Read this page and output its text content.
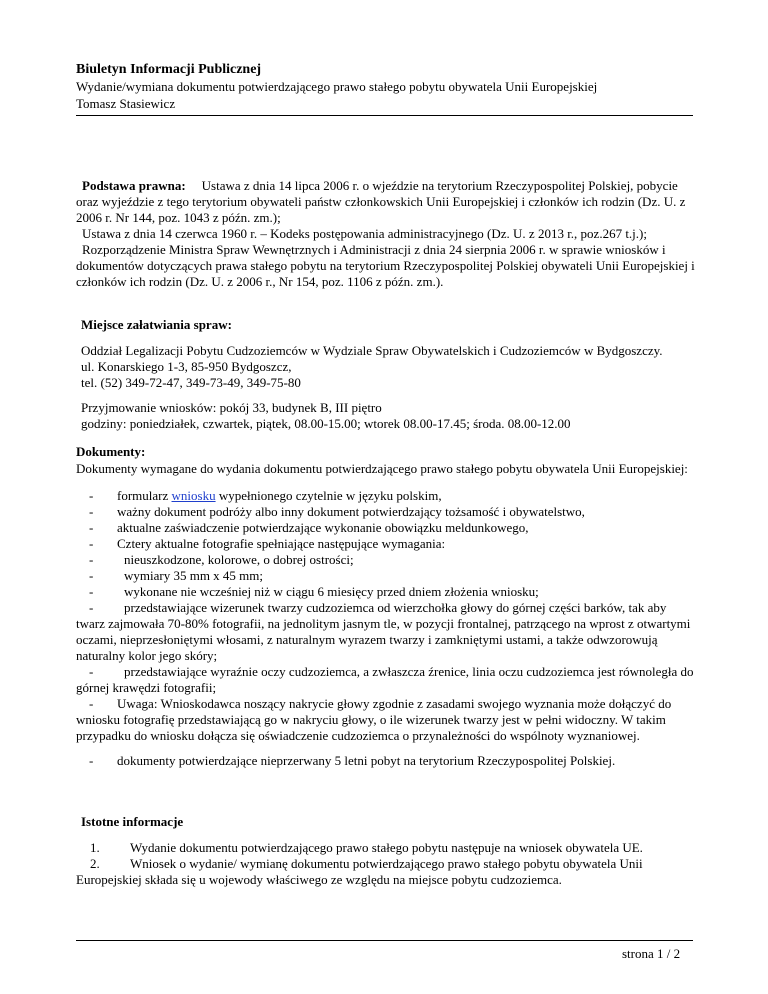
Biuletyn Informacji Publicznej
Wydanie/wymiana dokumentu potwierdzającego prawo stałego pobytu obywatela Unii Europejskiej
Tomasz Stasiewicz

Podstawa prawna: Ustawa z dnia 14 lipca 2006 r. o wjeździe na terytorium Rzeczypospolitej Polskiej, pobycie oraz wyjeździe z tego terytorium obywateli państw członkowskich Unii Europejskiej i członków ich rodzin (Dz. U. z 2006 r. Nr 144, poz. 1043 z późn. zm.);

Ustawa z dnia 14 czerwca 1960 r. – Kodeks postępowania administracyjnego (Dz. U. z 2013 r., poz.267 t.j.);

Rozporządzenie Ministra Spraw Wewnętrznych i Administracji z dnia 24 sierpnia 2006 r. w sprawie wniosków i dokumentów dotyczących prawa stałego pobytu na terytorium Rzeczypospolitej Polskiej obywateli Unii Europejskiej i członków ich rodzin (Dz. U. z 2006 r., Nr 154, poz. 1106 z późn. zm.).

Miejsce załatwiania spraw:

Oddział Legalizacji Pobytu Cudzoziemców w Wydziale Spraw Obywatelskich i Cudzoziemców w Bydgoszczy.

ul. Konarskiego 1-3, 85-950 Bydgoszcz,

tel. (52) 349-72-47, 349-73-49, 349-75-80

Przyjmowanie wniosków: pokój 33, budynek B, III piętro

godziny: poniedziałek, czwartek, piątek, 08.00-15.00; wtorek 08.00-17.45; środa. 08.00-12.00

Dokumenty:
Dokumenty wymagane do wydania dokumentu potwierdzającego prawo stałego pobytu obywatela Unii Europejskiej:
-	formularz wniosku wypełnionego czytelnie w języku polskim,
-	ważny dokument podróży albo inny dokument potwierdzający tożsamość i obywatelstwo,
-	aktualne zaświadczenie potwierdzające wykonanie obowiązku meldunkowego,
-	Cztery aktualne fotografie spełniające następujące wymagania:
-	nieuszkodzone, kolorowe, o dobrej ostrości;
-	wymiary 35 mm x 45 mm;
-	wykonane nie wcześniej niż w ciągu 6 miesięcy przed dniem złożenia wniosku;
-	przedstawiające wizerunek twarzy cudzoziemca od wierzchołka głowy do górnej części barków, tak aby twarz zajmowała 70-80% fotografii, na jednolitym jasnym tle, w pozycji frontalnej, patrzącego na wprost z otwartymi oczami, nieprzesłoniętymi włosami, z naturalnym wyrazem twarzy i zamkniętymi ustami, a także odwzorowują naturalny kolor jego skóry;
-	przedstawiające wyraźnie oczy cudzoziemca, a zwłaszcza źrenice, linia oczu cudzoziemca jest równoległa do górnej krawędzi fotografii;
-	Uwaga: Wnioskodawca noszący nakrycie głowy zgodnie z zasadami swojego wyznania może dołączyć do wniosku fotografię przedstawiającą go w nakryciu głowy, o ile wizerunek twarzy jest w pełni widoczny. W takim przypadku do wniosku dołącza się oświadczenie cudzoziemca o przynależności do wspólnoty wyznaniowej.
-	dokumenty potwierdzające nieprzerwany 5 letni pobyt na terytorium Rzeczypospolitej Polskiej.
Istotne informacje
1. Wydanie dokumentu potwierdzającego prawo stałego pobytu następuje na wniosek obywatela UE.
2. Wniosek o wydanie/ wymianę dokumentu potwierdzającego prawo stałego pobytu obywatela Unii Europejskiej składa się u wojewody właściwego ze względu na miejsce pobytu cudzoziemca.
strona 1 / 2
